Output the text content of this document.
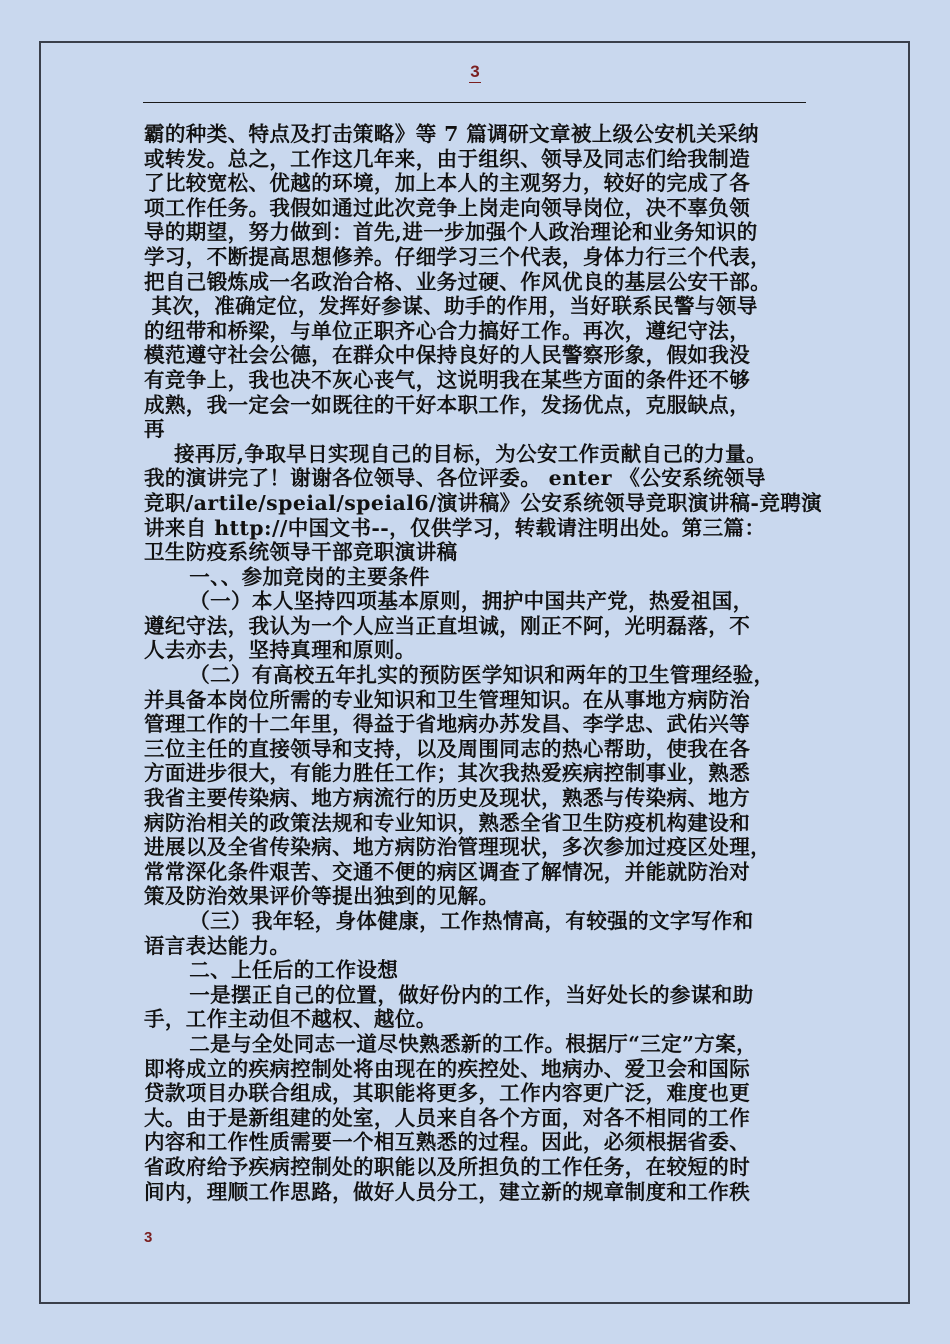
3
霸的种类、特点及打击策略》等 7 篇调研文章被上级公安机关采纳
或转发。总之，工作这几年来，由于组织、领导及同志们给我制造
了比较宽松、优越的环境，加上本人的主观努力，较好的完成了各
项工作任务。我假如通过此次竞争上岗走向领导岗位，决不辜负领
导的期望，努力做到：首先,进一步加强个人政治理论和业务知识的
学习，不断提高思想修养。仔细学习三个代表，身体力行三个代表，
把自己锻炼成一名政治合格、业务过硬、作风优良的基层公安干部。
其次，准确定位，发挥好参谋、助手的作用，当好联系民警与领导
的纽带和桥梁，与单位正职齐心合力搞好工作。再次，遵纪守法，
模范遵守社会公德，在群众中保持良好的人民警察形象，假如我没
有竞争上，我也决不灰心丧气，这说明我在某些方面的条件还不够
成熟，我一定会一如既往的干好本职工作，发扬优点，克服缺点，
再
接再厉,争取早日实现自己的目标，为公安工作贡献自己的力量。
我的演讲完了！谢谢各位领导、各位评委。 enter 《公安系统领导
竞职/artile/speial/speial6/演讲稿》公安系统领导竞职演讲稿-竞聘演
讲来自 http://中国文书--，仅供学习，转载请注明出处。第三篇：
卫生防疫系统领导干部竞职演讲稿
一、、参加竞岗的主要条件
（一）本人坚持四项基本原则，拥护中国共产党，热爱祖国，
遵纪守法，我认为一个人应当正直坦诚，刚正不阿，光明磊落，不
人去亦去，坚持真理和原则。
（二）有高校五年扎实的预防医学知识和两年的卫生管理经验，
并具备本岗位所需的专业知识和卫生管理知识。在从事地方病防治
管理工作的十二年里，得益于省地病办苏发昌、李学忠、武佑兴等
三位主任的直接领导和支持，以及周围同志的热心帮助，使我在各
方面进步很大，有能力胜任工作；其次我热爱疾病控制事业，熟悉
我省主要传染病、地方病流行的历史及现状，熟悉与传染病、地方
病防治相关的政策法规和专业知识，熟悉全省卫生防疫机构建设和
进展以及全省传染病、地方病防治管理现状，多次参加过疫区处理，
常常深化条件艰苦、交通不便的病区调查了解情况，并能就防治对
策及防治效果评价等提出独到的见解。
（三）我年轻，身体健康，工作热情高，有较强的文字写作和
语言表达能力。
二、上任后的工作设想
一是摆正自己的位置，做好份内的工作，当好处长的参谋和助
手，工作主动但不越权、越位。
二是与全处同志一道尽快熟悉新的工作。根据厅“三定”方案，
即将成立的疾病控制处将由现在的疾控处、地病办、爱卫会和国际
贷款项目办联合组成，其职能将更多，工作内容更广泛，难度也更
大。由于是新组建的处室，人员来自各个方面，对各不相同的工作
内容和工作性质需要一个相互熟悉的过程。因此，必须根据省委、
省政府给予疾病控制处的职能以及所担负的工作任务，在较短的时
间内，理顺工作思路，做好人员分工，建立新的规章制度和工作秩
3
